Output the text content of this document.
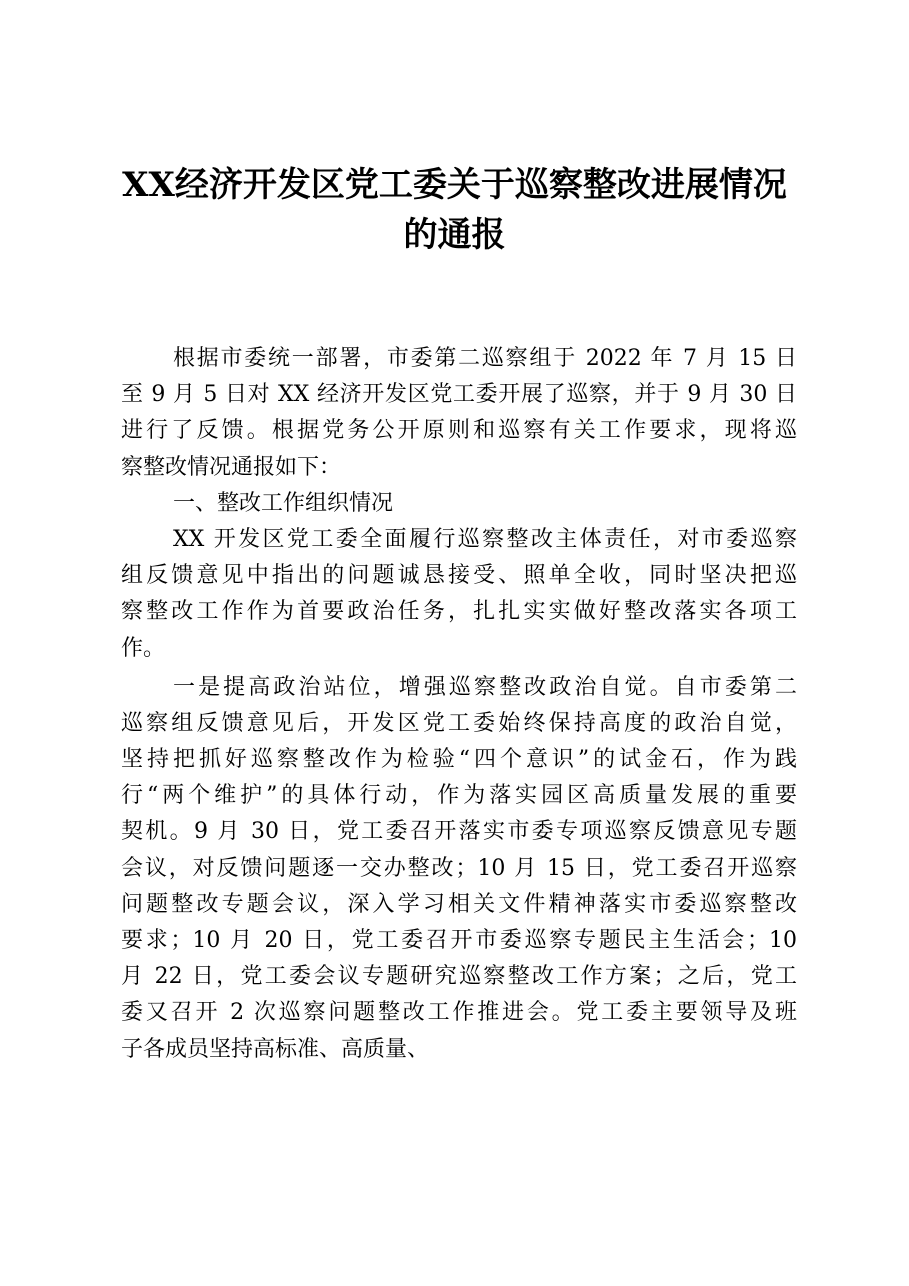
XX经济开发区党工委关于巡察整改进展情况
的通报
根据市委统一部署，市委第二巡察组于 2022 年 7 月 15 日
至 9 月 5 日对 XX 经济开发区党工委开展了巡察，并于 9 月 30 日
进行了反馈。根据党务公开原则和巡察有关工作要求，现将巡
察整改情况通报如下：
一、整改工作组织情况
XX 开发区党工委全面履行巡察整改主体责任，对市委巡察
组反馈意见中指出的问题诚恳接受、照单全收，同时坚决把巡
察整改工作作为首要政治任务，扎扎实实做好整改落实各项工
作。
一是提高政治站位，增强巡察整改政治自觉。自市委第二
巡察组反馈意见后，开发区党工委始终保持高度的政治自觉，
坚持把抓好巡察整改作为检验“四个意识”的试金石，作为践
行“两个维护”的具体行动，作为落实园区高质量发展的重要
契机。9 月 30 日，党工委召开落实市委专项巡察反馈意见专题
会议，对反馈问题逐一交办整改；10 月 15 日，党工委召开巡察
问题整改专题会议，深入学习相关文件精神落实市委巡察整改
要求；10 月 20 日，党工委召开市委巡察专题民主生活会；10
月 22 日，党工委会议专题研究巡察整改工作方案；之后，党工
委又召开 2 次巡察问题整改工作推进会。党工委主要领导及班
子各成员坚持高标准、高质量、
